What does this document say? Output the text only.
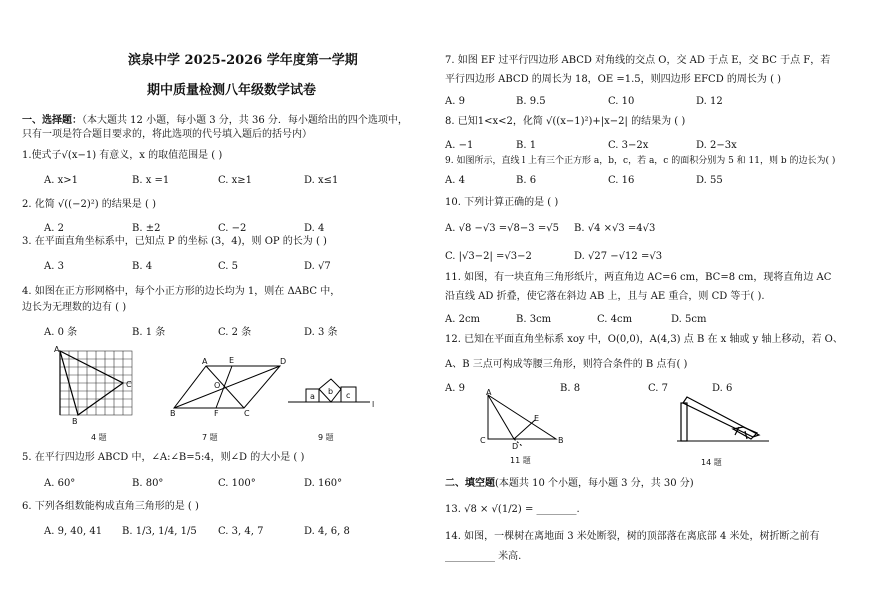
滨泉中学 2025-2026 学年度第一学期
期中质量检测八年级数学试卷
一、选择题：（本大题共 12 小题，每小题 3 分，共 36 分．每小题给出的四个选项中，
只有一项是符合题目要求的，将此选项的代号填入题后的括号内）
1.使式子√(x−1) 有意义，x 的取值范围是 ( )
A. x>1	B. x =1	C. x≥1	D. x≤1
2. 化简 √((−2)²) 的结果是 ( )
A. 2	B. ±2	C. −2	D. 4
3. 在平面直角坐标系中，已知点 P 的坐标 (3，4)，则 OP 的长为 ( )
A. 3	B. 4	C. 5	D. √7
4. 如图在正方形网格中，每个小正方形的边长均为 1，则在 ΔABC 中，
边长为无理数的边有 ( )
A. 0 条	B. 1 条	C. 2 条	D. 3 条
A
C
B
4 题
A	E	D
O
B	F	C
7 题
a
b c
l
9 题
5. 在平行四边形 ABCD 中，∠A:∠B=5:4，则∠D 的大小是 ( )
A. 60°	B. 80°	C. 100°	D. 160°
6. 下列各组数能构成直角三角形的是 ( )
A. 9, 40, 41 B. 1/3, 1/4, 1/5 C. 3, 4, 7	D. 4, 6, 8
7. 如图 EF 过平行四边形 ABCD 对角线的交点 O，交 AD 于点 E，交 BC 于点 F，若
平行四边形 ABCD 的周长为 18，OE =1.5，则四边形 EFCD 的周长为 ( )
A. 9	B. 9.5	C. 10	D. 12
8. 已知1<x<2，化简 √((x−1)²)+|x−2| 的结果为 ( )
A. −1	B. 1	C. 3−2x	D. 2−3x
9. 如图所示，直线 l 上有三个正方形 a，b，c，若 a，c 的面积分别为 5 和 11，则 b 的边长为( )
A. 4	B. 6	C. 16	D. 55
10. 下列计算正确的是 ( )
A. √8 −√3 =√8−3 =√5 B. √4 ×√3 =4√3
C. |√3−2| =√3−2	D. √27 −√12 =√3
11. 如图，有一块直角三角形纸片，两直角边 AC=6 cm，BC=8 cm，现将直角边 AC
沿直线 AD 折叠，使它落在斜边 AB 上，且与 AE 重合，则 CD 等于( ).
A. 2cm	B. 3cm	C. 4cm	D. 5cm
12. 已知在平面直角坐标系 xoy 中，O(0,0)，A(4,3) 点 B 在 x 轴或 y 轴上移动，若 O、
A、B 三点可构成等腰三角形，则符合条件的 B 点有( )
A. 9	B. 8	C. 7	D. 6
A
E
C
D
B
11 题	14 题
二、填空题(本题共 10 个小题，每小题 3 分，共 30 分)
13. √8 × √(1/2) = ________.
14. 如图，一棵树在离地面 3 米处断裂，树的顶部落在离底部 4 米处，树折断之前有
__________ 米高.
